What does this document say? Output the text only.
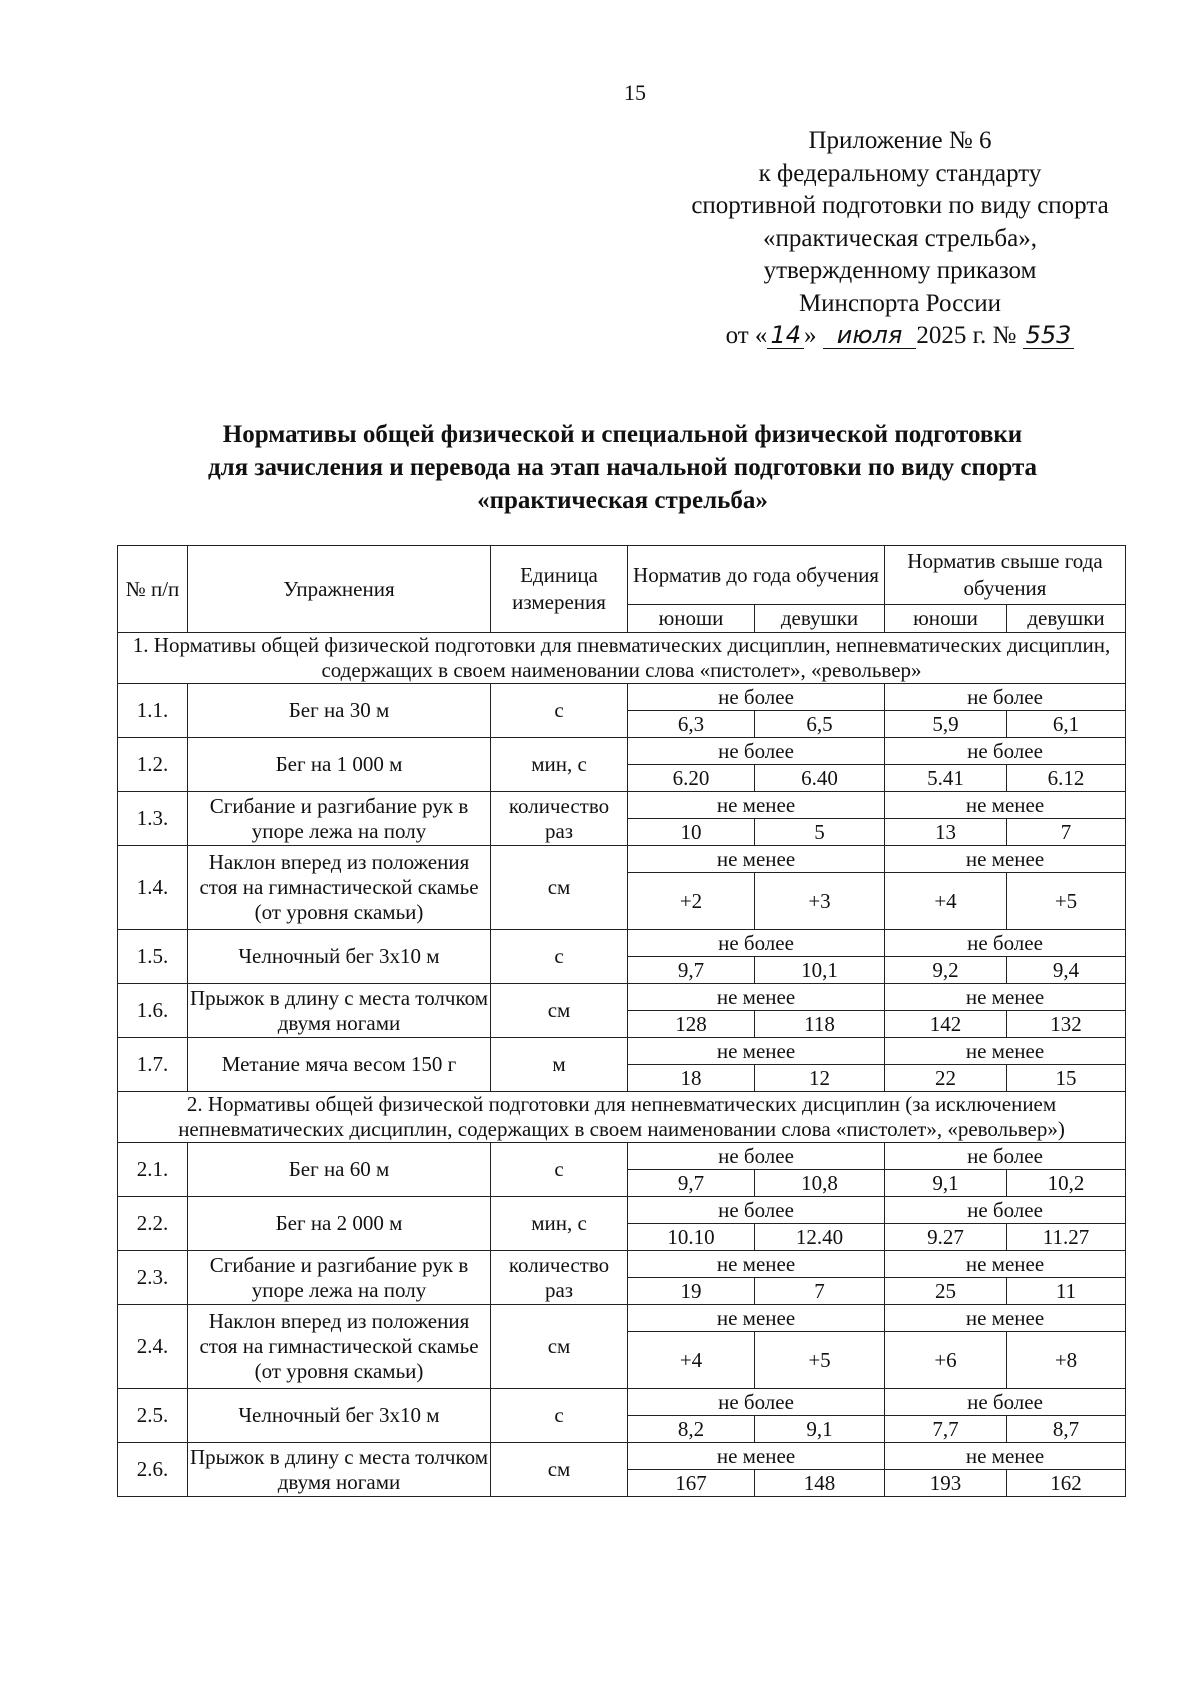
15
Приложение № 6
к федеральному стандарту
спортивной подготовки по виду спорта
«практическая стрельба»,
утвержденному приказом
Минспорта России
от « 14 » июля 2025 г. № 553
Нормативы общей физической и специальной физической подготовки
для зачисления и перевода на этап начальной подготовки по виду спорта
«практическая стрельба»
№ п/п	Упражнения	Единица измерения	Норматив до года обучения		Норматив свыше года обучения	
			юноши	девушки	юноши	девушки
1. Нормативы общей физической подготовки для пневматических дисциплин, непневматических дисциплин, содержащих в своем наименовании слова «пистолет», «револьвер»						
1.1.	Бег на 30 м	с	не более		не более	
			6,3	6,5	5,9	6,1
1.2.	Бег на 1 000 м	мин, с	не более		не более	
			6.20	6.40	5.41	6.12
1.3.	Сгибание и разгибание рук в упоре лежа на полу	количество раз	не менее		не менее	
			10	5	13	7
1.4.	Наклон вперед из положения стоя на гимнастической скамье (от уровня скамьи)	см	не менее		не менее	
			+2	+3	+4	+5
1.5.	Челночный бег 3х10 м	с	не более		не более	
			9,7	10,1	9,2	9,4
1.6.	Прыжок в длину с места толчком двумя ногами	см	не менее		не менее	
			128	118	142	132
1.7.	Метание мяча весом 150 г	м	не менее		не менее	
			18	12	22	15
2. Нормативы общей физической подготовки для непневматических дисциплин (за исключением непневматических дисциплин, содержащих в своем наименовании слова «пистолет», «револьвер»)						
2.1.	Бег на 60 м	с	не более		не более	
			9,7	10,8	9,1	10,2
2.2.	Бег на 2 000 м	мин, с	не более		не более	
			10.10	12.40	9.27	11.27
2.3.	Сгибание и разгибание рук в упоре лежа на полу	количество раз	не менее		не менее	
			19	7	25	11
2.4.	Наклон вперед из положения стоя на гимнастической скамье (от уровня скамьи)	см	не менее		не менее	
			+4	+5	+6	+8
2.5.	Челночный бег 3х10 м	с	не более		не более	
			8,2	9,1	7,7	8,7
2.6.	Прыжок в длину с места толчком двумя ногами	см	не менее		не менее	
			167	148	193	162
